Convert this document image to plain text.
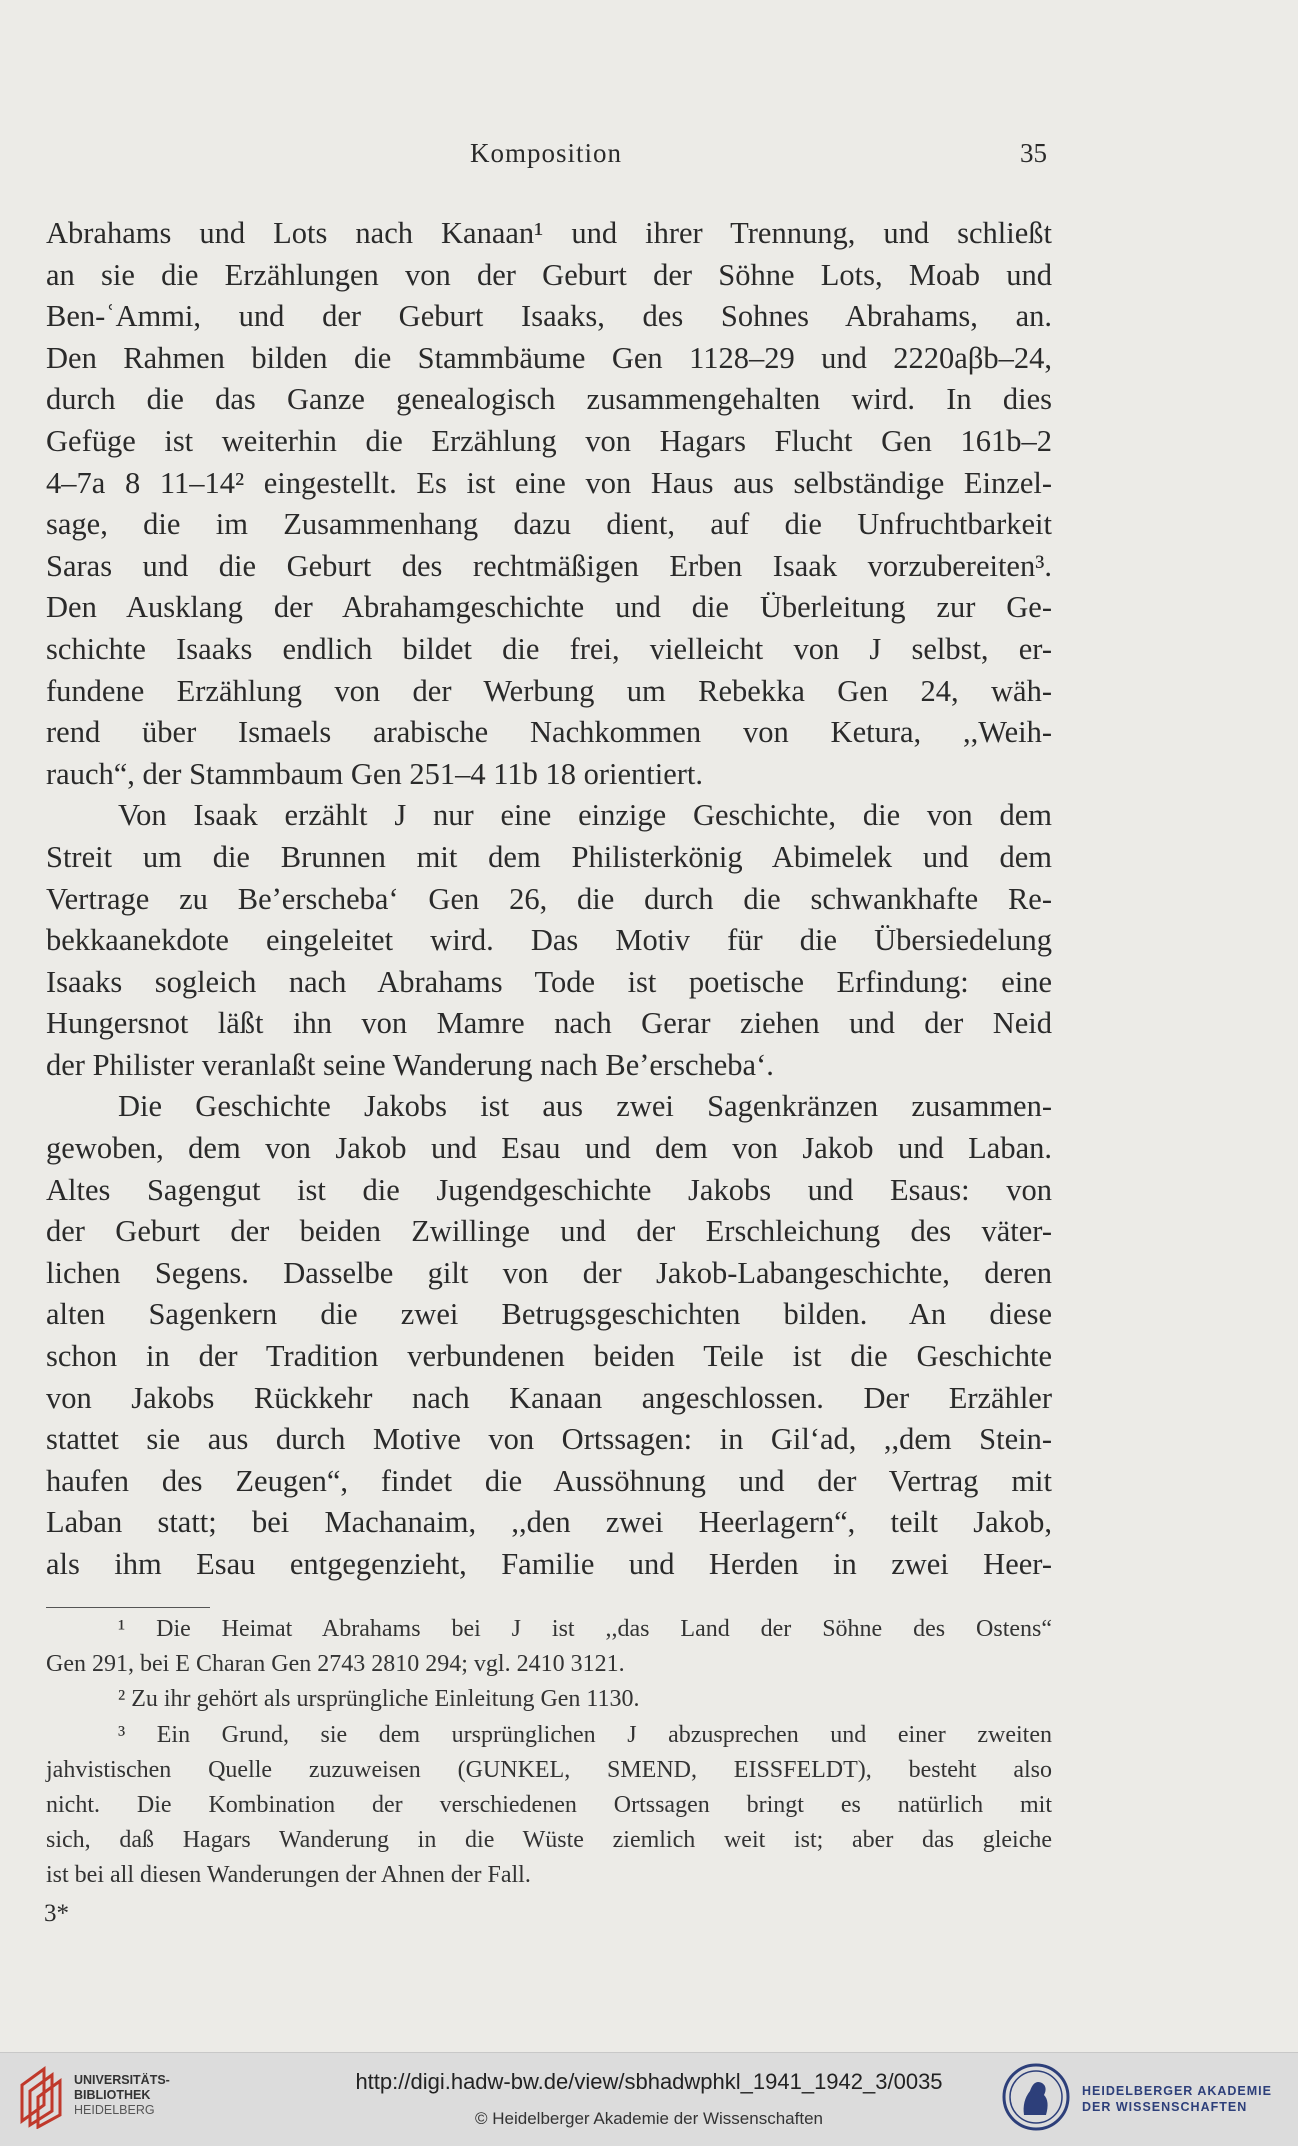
Komposition	35
Abrahams und Lots nach Kanaan¹ und ihrer Trennung, und schließt
an sie die Erzählungen von der Geburt der Söhne Lots, Moab und
Ben-ʿAmmi, und der Geburt Isaaks, des Sohnes Abrahams, an.
Den Rahmen bilden die Stammbäume Gen 1128–29 und 2220aβb–24,
durch die das Ganze genealogisch zusammengehalten wird. In dies
Gefüge ist weiterhin die Erzählung von Hagars Flucht Gen 161b–2
4–7a 8 11–14² eingestellt. Es ist eine von Haus aus selbständige Einzel-
sage, die im Zusammenhang dazu dient, auf die Unfruchtbarkeit
Saras und die Geburt des rechtmäßigen Erben Isaak vorzubereiten³.
Den Ausklang der Abrahamgeschichte und die Überleitung zur Ge-
schichte Isaaks endlich bildet die frei, vielleicht von J selbst, er-
fundene Erzählung von der Werbung um Rebekka Gen 24, wäh-
rend über Ismaels arabische Nachkommen von Ketura, ,,Weih-
rauch“, der Stammbaum Gen 251–4 11b 18 orientiert.
Von Isaak erzählt J nur eine einzige Geschichte, die von dem
Streit um die Brunnen mit dem Philisterkönig Abimelek und dem
Vertrage zu Beʼerschebaʻ Gen 26, die durch die schwankhafte Re-
bekkaanekdote eingeleitet wird. Das Motiv für die Übersiedelung
Isaaks sogleich nach Abrahams Tode ist poetische Erfindung: eine
Hungersnot läßt ihn von Mamre nach Gerar ziehen und der Neid
der Philister veranlaßt seine Wanderung nach Beʼerschebaʻ.
Die Geschichte Jakobs ist aus zwei Sagenkränzen zusammen-
gewoben, dem von Jakob und Esau und dem von Jakob und Laban.
Altes Sagengut ist die Jugendgeschichte Jakobs und Esaus: von
der Geburt der beiden Zwillinge und der Erschleichung des väter-
lichen Segens. Dasselbe gilt von der Jakob-Labangeschichte, deren
alten Sagenkern die zwei Betrugsgeschichten bilden. An diese
schon in der Tradition verbundenen beiden Teile ist die Geschichte
von Jakobs Rückkehr nach Kanaan angeschlossen. Der Erzähler
stattet sie aus durch Motive von Ortssagen: in Gilʻad, ,,dem Stein-
haufen des Zeugen“, findet die Aussöhnung und der Vertrag mit
Laban statt; bei Machanaim, ,,den zwei Heerlagern“, teilt Jakob,
als ihm Esau entgegenzieht, Familie und Herden in zwei Heer-
¹ Die Heimat Abrahams bei J ist ,,das Land der Söhne des Ostens“
Gen 291, bei E Charan Gen 2743 2810 294; vgl. 2410 3121.
² Zu ihr gehört als ursprüngliche Einleitung Gen 1130.
³ Ein Grund, sie dem ursprünglichen J abzusprechen und einer zweiten
jahvistischen Quelle zuzuweisen (GUNKEL, SMEND, EISSFELDT), besteht also
nicht. Die Kombination der verschiedenen Ortssagen bringt es natürlich mit
sich, daß Hagars Wanderung in die Wüste ziemlich weit ist; aber das gleiche
ist bei all diesen Wanderungen der Ahnen der Fall.
3*
UNIVERSITÄTS-
BIBLIOTHEK
HEIDELBERG
http://digi.hadw-bw.de/view/sbhadwphkl_1941_1942_3/0035
© Heidelberger Akademie der Wissenschaften
HEIDELBERGER AKADEMIE
DER WISSENSCHAFTEN
